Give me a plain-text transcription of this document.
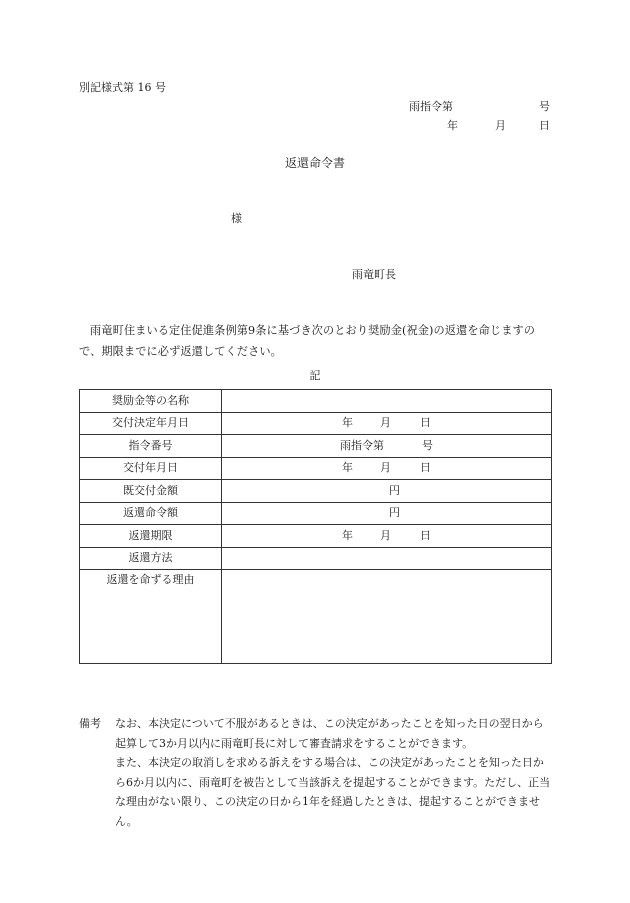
別記様式第 16 号
雨指令第	号
年	月	日
返還命令書
様
雨竜町長
雨竜町住まいる定住促進条例第9条に基づき次のとおり奨励金(祝金)の返還を命じますので、期限までに必ず返還してください。
記
奨励金等の名称	
交付決定年月日	年 月 日
指令番号	雨指令第 号
交付年月日	年 月 日
既交付金額	円
返還命令額	円
返還期限	年 月 日
返還方法	
返還を命ずる理由	
備考 なお、本決定について不服があるときは、この決定があったことを知った日の翌日から起算して3か月以内に雨竜町長に対して審査請求をすることができます。

また、本決定の取消しを求める訴えをする場合は、この決定があったことを知った日から6か月以内に、雨竜町を被告として当該訴えを提起することができます。ただし、正当な理由がない限り、この決定の日から1年を経過したときは、提起することができません。
